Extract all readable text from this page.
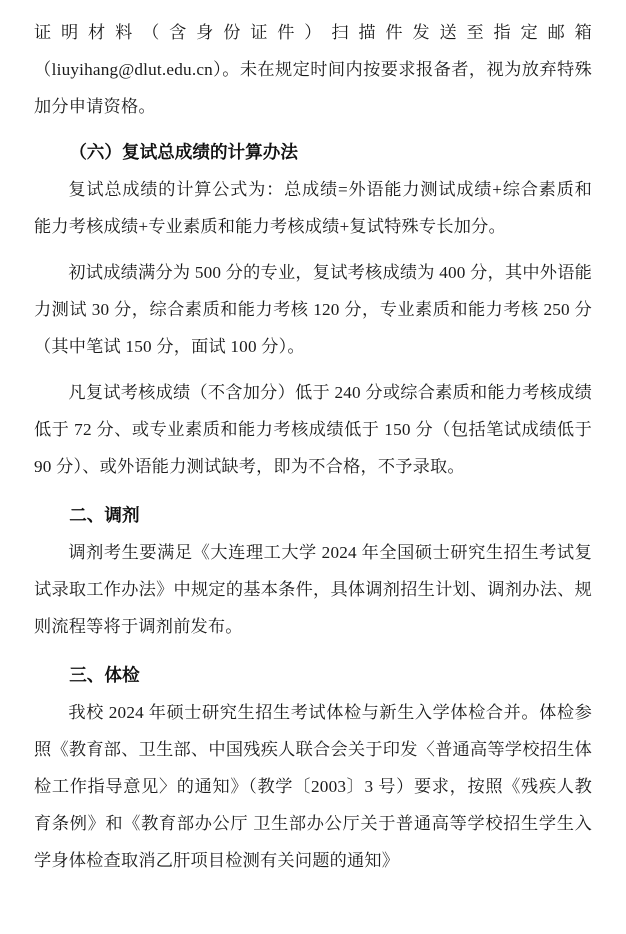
证明材料（含身份证件）扫描件发送至指定邮箱（liuyihang@dlut.edu.cn）。未在规定时间内按要求报备者，视为放弃特殊加分申请资格。

（六）复试总成绩的计算办法

复试总成绩的计算公式为：总成绩=外语能力测试成绩+综合素质和能力考核成绩+专业素质和能力考核成绩+复试特殊专长加分。

初试成绩满分为 500 分的专业，复试考核成绩为 400 分，其中外语能力测试 30 分，综合素质和能力考核 120 分，专业素质和能力考核 250 分（其中笔试 150 分，面试 100 分）。

凡复试考核成绩（不含加分）低于 240 分或综合素质和能力考核成绩低于 72 分、或专业素质和能力考核成绩低于 150 分（包括笔试成绩低于 90 分）、或外语能力测试缺考，即为不合格，不予录取。

二、调剂

调剂考生要满足《大连理工大学 2024 年全国硕士研究生招生考试复试录取工作办法》中规定的基本条件，具体调剂招生计划、调剂办法、规则流程等将于调剂前发布。

三、体检

我校 2024 年硕士研究生招生考试体检与新生入学体检合并。体检参照《教育部、卫生部、中国残疾人联合会关于印发〈普通高等学校招生体检工作指导意见〉的通知》（教学〔2003〕3 号）要求，按照《残疾人教育条例》和《教育部办公厅 卫生部办公厅关于普通高等学校招生学生入学身体检查取消乙肝项目检测有关问题的通知》
